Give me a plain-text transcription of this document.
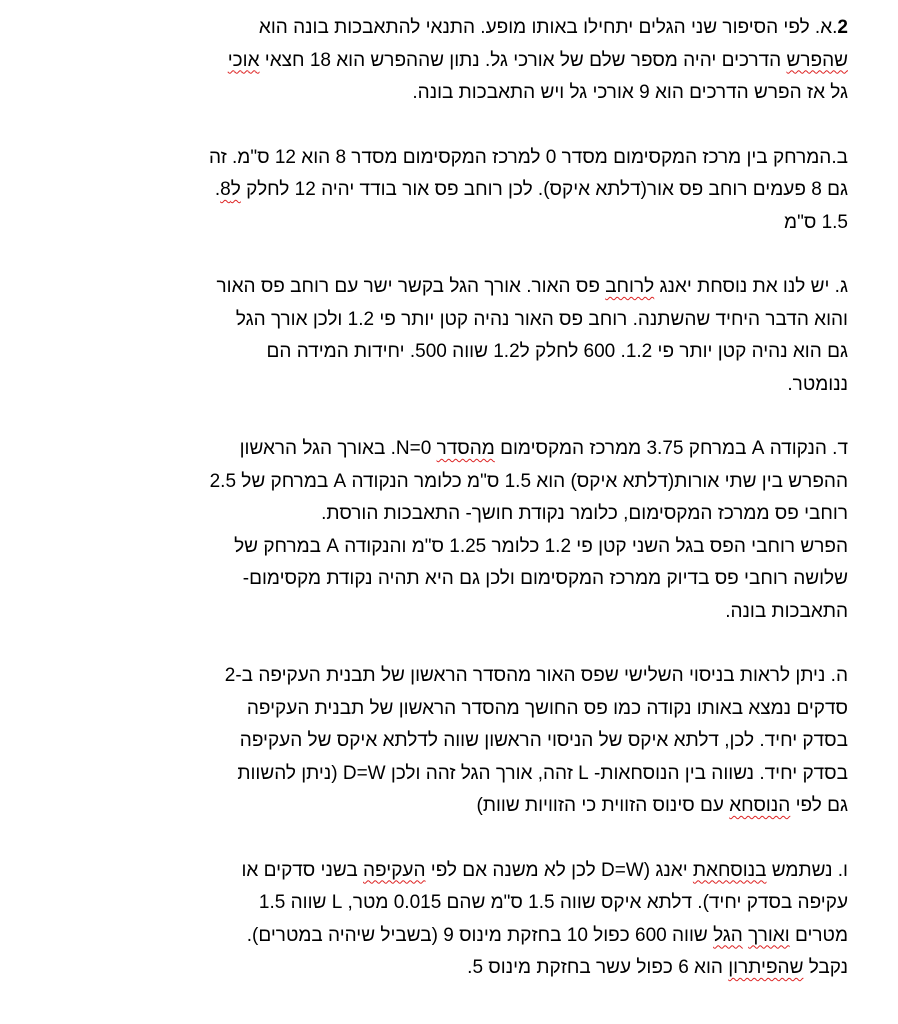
2.א. לפי הסיפור שני הגלים יתחילו באותו מופע. התנאי להתאבכות בונה הוא
שהפרש הדרכים יהיה מספר שלם של אורכי גל. נתון שההפרש הוא 18 חצאי אוכי
גל אז הפרש הדרכים הוא 9 אורכי גל ויש התאבכות בונה.
ב.המרחק בין מרכז המקסימום מסדר 0 למרכז המקסימום מסדר 8 הוא 12 ס"מ. זה
גם 8 פעמים רוחב פס אור(דלתא איקס). לכן רוחב פס אור בודד יהיה 12 לחלק ל8.
1.5 ס"מ
ג. יש לנו את נוסחת יאנג לרוחב פס האור. אורך הגל בקשר ישר עם רוחב פס האור
והוא הדבר היחיד שהשתנה. רוחב פס האור נהיה קטן יותר פי 1.2 ולכן אורך הגל
גם הוא נהיה קטן יותר פי 1.2. 600 לחלק ל1.2 שווה 500. יחידות המידה הם
ננומטר.
ד. הנקודה A במרחק 3.75 ממרכז המקסימום מהסדר N=0. באורך הגל הראשון
ההפרש בין שתי אורות(דלתא איקס) הוא 1.5 ס"מ כלומר הנקודה A במרחק של 2.5
רוחבי פס ממרכז המקסימום, כלומר נקודת חושך- התאבכות הורסת.
הפרש רוחבי הפס בגל השני קטן פי 1.2 כלומר 1.25 ס"מ והנקודה A במרחק של
שלושה רוחבי פס בדיוק ממרכז המקסימום ולכן גם היא תהיה נקודת מקסימום-
התאבכות בונה.
ה. ניתן לראות בניסוי השלישי שפס האור מהסדר הראשון של תבנית העקיפה ב-2
סדקים נמצא באותו נקודה כמו פס החושך מהסדר הראשון של תבנית העקיפה
בסדק יחיד. לכן, דלתא איקס של הניסוי הראשון שווה לדלתא איקס של העקיפה
בסדק יחיד. נשווה בין הנוסחאות- L זהה, אורך הגל זהה ולכן D=W (ניתן להשוות
גם לפי הנוסחא עם סינוס הזווית כי הזוויות שוות)
ו. נשתמש בנוסחאת יאנג (D=W לכן לא משנה אם לפי העקיפה בשני סדקים או
עקיפה בסדק יחיד). דלתא איקס שווה 1.5 ס"מ שהם 0.015 מטר, L שווה 1.5
מטרים ואורך הגל שווה 600 כפול 10 בחזקת מינוס 9 (בשביל שיהיה במטרים).
נקבל שהפיתרון הוא 6 כפול עשר בחזקת מינוס 5.
